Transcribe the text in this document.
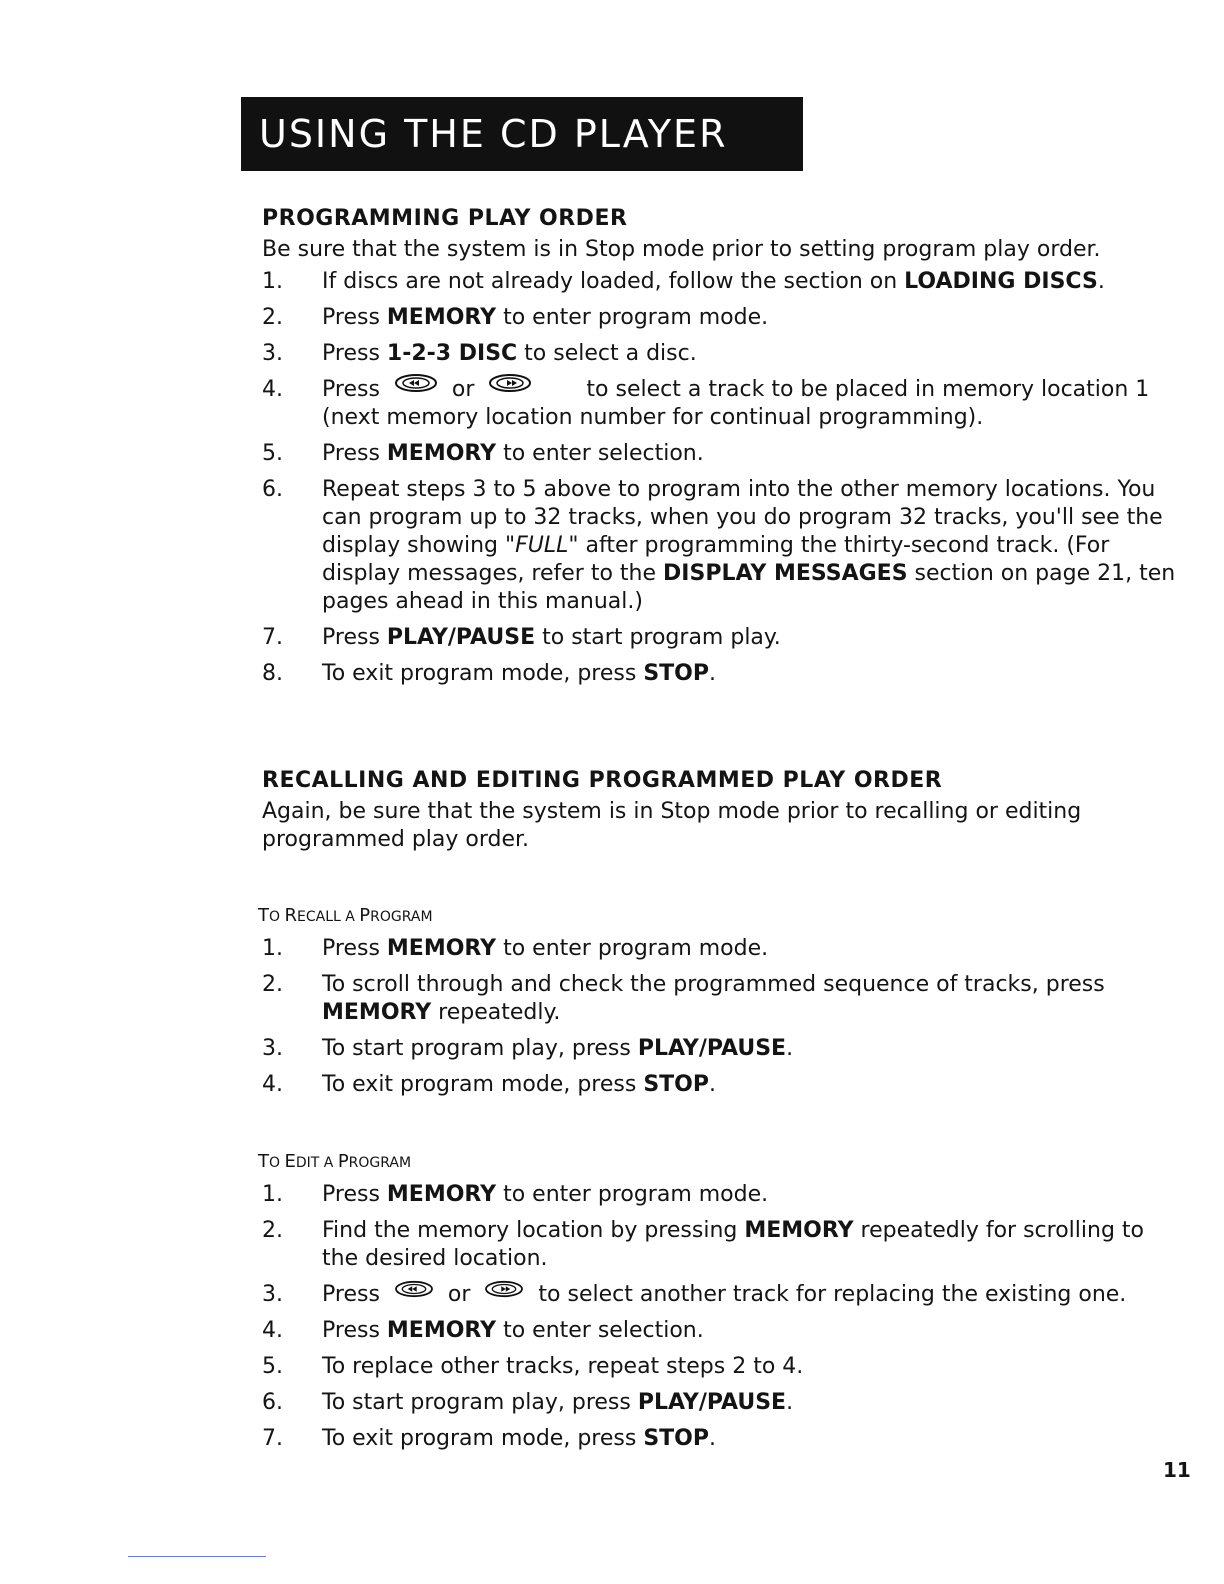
USING THE CD PLAYER
PROGRAMMING PLAY ORDER
Be sure that the system is in Stop mode prior to setting program play order.
1. If discs are not already loaded, follow the section on LOADING DISCS.
2. Press MEMORY to enter program mode.
3. Press 1-2-3 DISC to select a disc.
4. Press	or	to select a track to be placed in memory location 1 (next memory location number for continual programming).
5. Press MEMORY to enter selection.
6. Repeat steps 3 to 5 above to program into the other memory locations. You can program up to 32 tracks, when you do program 32 tracks, you'll see the display showing "FULL" after programming the thirty-second track. (For display messages, refer to the DISPLAY MESSAGES section on page 21, ten pages ahead in this manual.)
7. Press PLAY/PAUSE to start program play.
8. To exit program mode, press STOP.
RECALLING AND EDITING PROGRAMMED PLAY ORDER
Again, be sure that the system is in Stop mode prior to recalling or editing programmed play order.
TO RECALL A PROGRAM
1. Press MEMORY to enter program mode.
2. To scroll through and check the programmed sequence of tracks, press MEMORY repeatedly.
3. To start program play, press PLAY/PAUSE.
4. To exit program mode, press STOP.
TO EDIT A PROGRAM
1. Press MEMORY to enter program mode.
2. Find the memory location by pressing MEMORY repeatedly for scrolling to the desired location.
3. Press	or	to select another track for replacing the existing one.
4. Press MEMORY to enter selection.
5. To replace other tracks, repeat steps 2 to 4.
6. To start program play, press PLAY/PAUSE.
7. To exit program mode, press STOP.
11
